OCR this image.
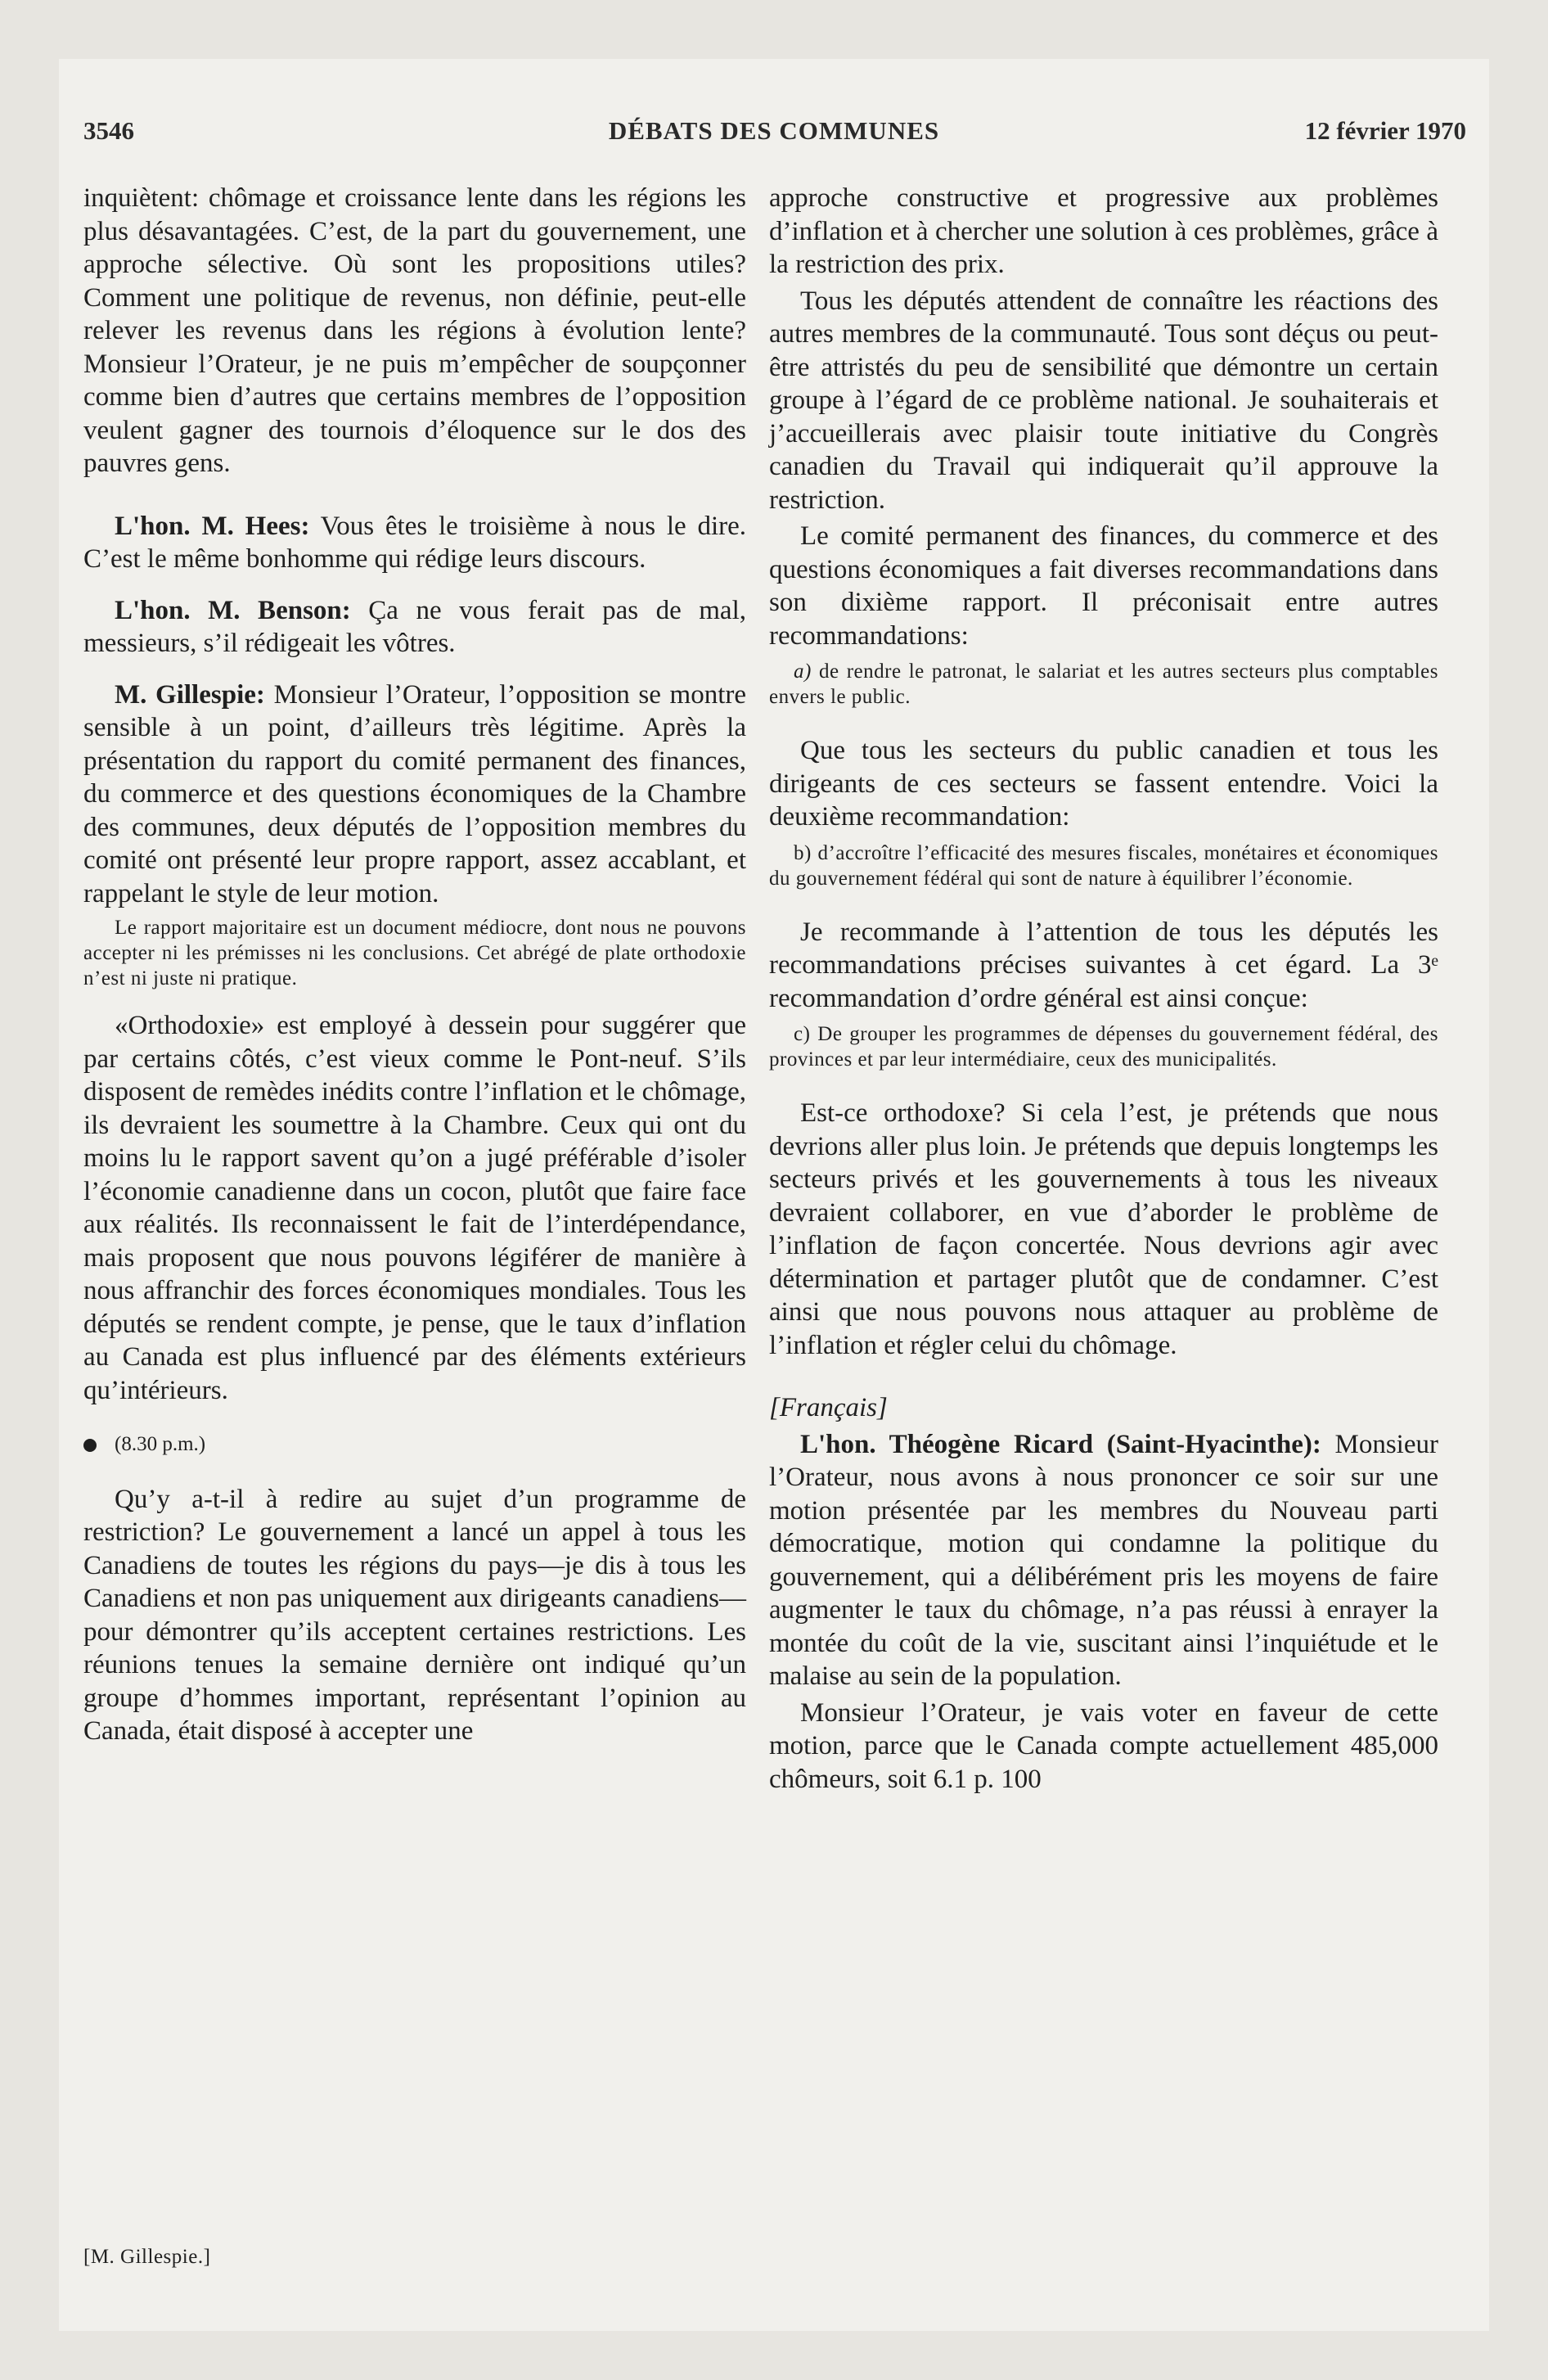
3546	DÉBATS DES COMMUNES	12 février 1970

inquiètent: chômage et croissance lente dans les régions les plus désavantagées. C’est, de la part du gouvernement, une approche sélective. Où sont les propositions utiles? Comment une politique de revenus, non définie, peut-elle relever les revenus dans les régions à évolution lente? Monsieur l’Orateur, je ne puis m’empêcher de soupçonner comme bien d’autres que certains membres de l’opposition veulent gagner des tournois d’éloquence sur le dos des pauvres gens.

L'hon. M. Hees: Vous êtes le troisième à nous le dire. C’est le même bonhomme qui rédige leurs discours.

L'hon. M. Benson: Ça ne vous ferait pas de mal, messieurs, s’il rédigeait les vôtres.

M. Gillespie: Monsieur l’Orateur, l’opposition se montre sensible à un point, d’ailleurs très légitime. Après la présentation du rapport du comité permanent des finances, du commerce et des questions économiques de la Chambre des communes, deux députés de l’opposition membres du comité ont présenté leur propre rapport, assez accablant, et rappelant le style de leur motion.

Le rapport majoritaire est un document médiocre, dont nous ne pouvons accepter ni les prémisses ni les conclusions. Cet abrégé de plate orthodoxie n’est ni juste ni pratique.

«Orthodoxie» est employé à dessein pour suggérer que par certains côtés, c’est vieux comme le Pont-neuf. S’ils disposent de remèdes inédits contre l’inflation et le chômage, ils devraient les soumettre à la Chambre. Ceux qui ont du moins lu le rapport savent qu’on a jugé préférable d’isoler l’économie canadienne dans un cocon, plutôt que faire face aux réalités. Ils reconnaissent le fait de l’interdépendance, mais proposent que nous pouvons légiférer de manière à nous affranchir des forces économiques mondiales. Tous les députés se rendent compte, je pense, que le taux d’inflation au Canada est plus influencé par des éléments extérieurs qu’intérieurs.

(8.30 p.m.)

Qu’y a-t-il à redire au sujet d’un programme de restriction? Le gouvernement a lancé un appel à tous les Canadiens de toutes les régions du pays—je dis à tous les Canadiens et non pas uniquement aux dirigeants canadiens—pour démontrer qu’ils acceptent certaines restrictions. Les réunions tenues la semaine dernière ont indiqué qu’un groupe d’hommes important, représentant l’opinion au Canada, était disposé à accepter une

approche constructive et progressive aux problèmes d’inflation et à chercher une solution à ces problèmes, grâce à la restriction des prix.

Tous les députés attendent de connaître les réactions des autres membres de la communauté. Tous sont déçus ou peut-être attristés du peu de sensibilité que démontre un certain groupe à l’égard de ce problème national. Je souhaiterais et j’accueillerais avec plaisir toute initiative du Congrès canadien du Travail qui indiquerait qu’il approuve la restriction.

Le comité permanent des finances, du commerce et des questions économiques a fait diverses recommandations dans son dixième rapport. Il préconisait entre autres recommandations:

a) de rendre le patronat, le salariat et les autres secteurs plus comptables envers le public.

Que tous les secteurs du public canadien et tous les dirigeants de ces secteurs se fassent entendre. Voici la deuxième recommandation:

b) d’accroître l’efficacité des mesures fiscales, monétaires et économiques du gouvernement fédéral qui sont de nature à équilibrer l’économie.

Je recommande à l’attention de tous les députés les recommandations précises suivantes à cet égard. La 3ᵉ recommandation d’ordre général est ainsi conçue:

c) De grouper les programmes de dépenses du gouvernement fédéral, des provinces et par leur intermédiaire, ceux des municipalités.

Est-ce orthodoxe? Si cela l’est, je prétends que nous devrions aller plus loin. Je prétends que depuis longtemps les secteurs privés et les gouvernements à tous les niveaux devraient collaborer, en vue d’aborder le problème de l’inflation de façon concertée. Nous devrions agir avec détermination et partager plutôt que de condamner. C’est ainsi que nous pouvons nous attaquer au problème de l’inflation et régler celui du chômage.

[Français]

L'hon. Théogène Ricard (Saint-Hyacinthe): Monsieur l’Orateur, nous avons à nous prononcer ce soir sur une motion présentée par les membres du Nouveau parti démocratique, motion qui condamne la politique du gouvernement, qui a délibérément pris les moyens de faire augmenter le taux du chômage, n’a pas réussi à enrayer la montée du coût de la vie, suscitant ainsi l’inquiétude et le malaise au sein de la population.

Monsieur l’Orateur, je vais voter en faveur de cette motion, parce que le Canada compte actuellement 485,000 chômeurs, soit 6.1 p. 100

[M. Gillespie.]
